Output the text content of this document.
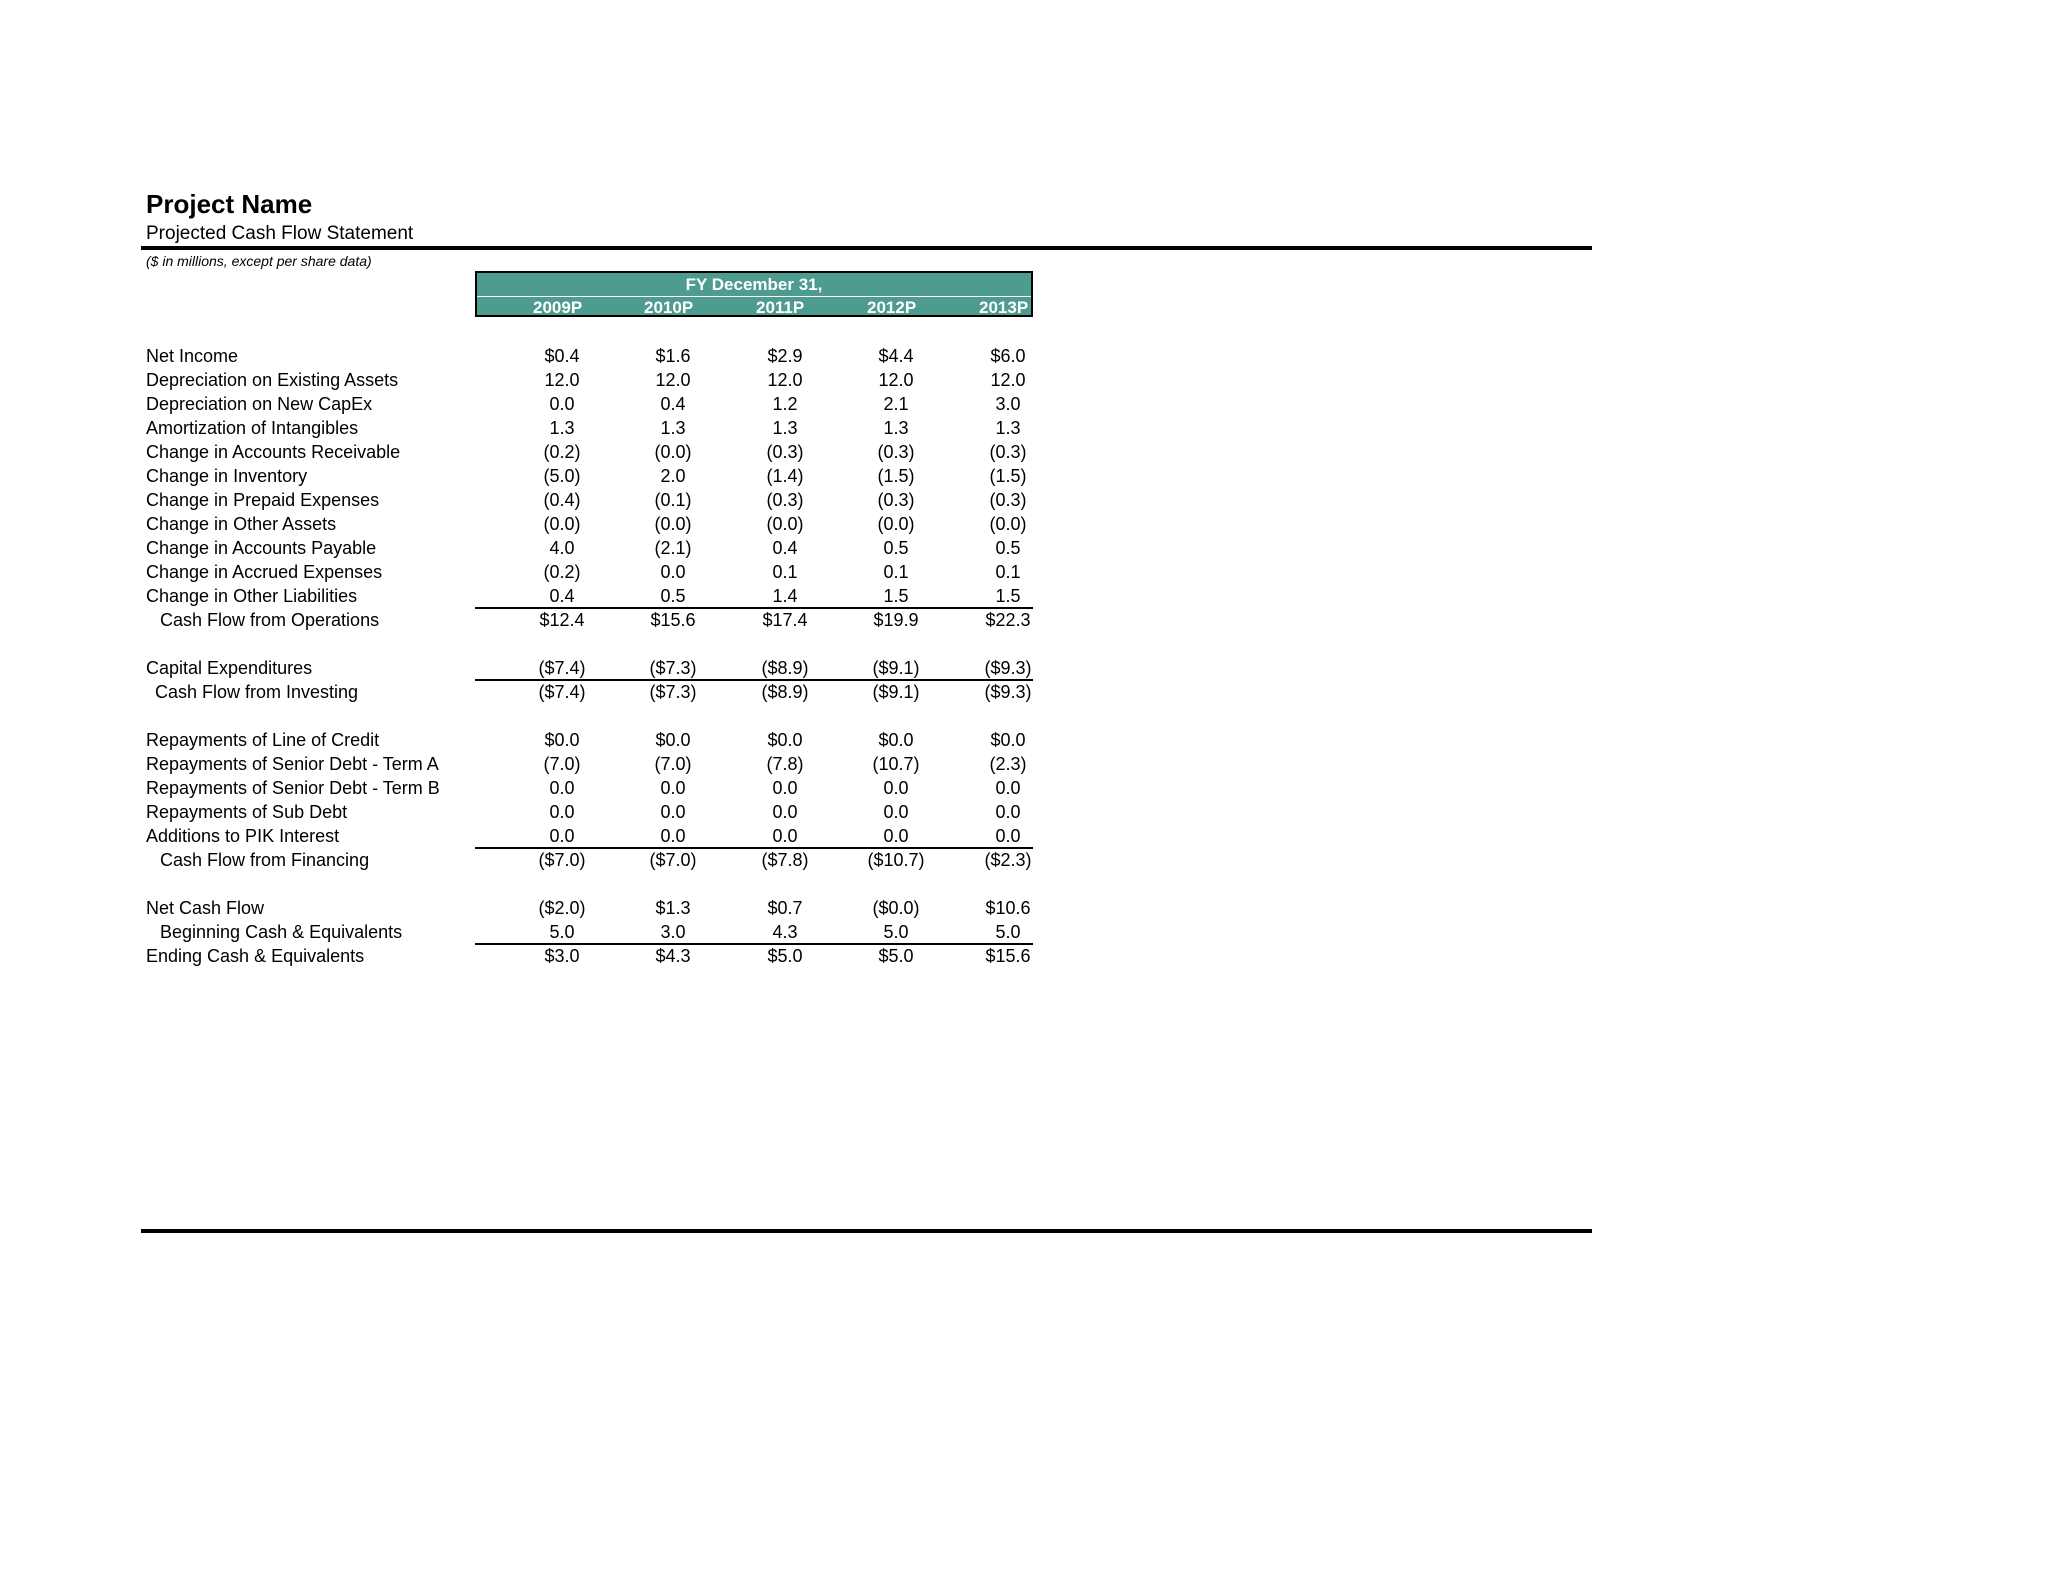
Project Name
Projected Cash Flow Statement
($ in millions, except per share data)
FY December 31,
2009P	2010P	2011P	2012P	2013P
Net Income	$0.4	$1.6	$2.9	$4.4	$6.0
Depreciation on Existing Assets	12.0	12.0	12.0	12.0	12.0
Depreciation on New CapEx	0.0	0.4	1.2	2.1	3.0
Amortization of Intangibles	1.3	1.3	1.3	1.3	1.3
Change in Accounts Receivable	(0.2)	(0.0)	(0.3)	(0.3)	(0.3)
Change in Inventory	(5.0)	2.0	(1.4)	(1.5)	(1.5)
Change in Prepaid Expenses	(0.4)	(0.1)	(0.3)	(0.3)	(0.3)
Change in Other Assets	(0.0)	(0.0)	(0.0)	(0.0)	(0.0)
Change in Accounts Payable	4.0	(2.1)	0.4	0.5	0.5
Change in Accrued Expenses	(0.2)	0.0	0.1	0.1	0.1
Change in Other Liabilities	0.4	0.5	1.4	1.5	1.5
Cash Flow from Operations	$12.4	$15.6	$17.4	$19.9	$22.3
Capital Expenditures	($7.4)	($7.3)	($8.9)	($9.1)	($9.3)
Cash Flow from Investing	($7.4)	($7.3)	($8.9)	($9.1)	($9.3)
Repayments of Line of Credit	$0.0	$0.0	$0.0	$0.0	$0.0
Repayments of Senior Debt - Term A	(7.0)	(7.0)	(7.8)	(10.7)	(2.3)
Repayments of Senior Debt - Term B	0.0	0.0	0.0	0.0	0.0
Repayments of Sub Debt	0.0	0.0	0.0	0.0	0.0
Additions to PIK Interest	0.0	0.0	0.0	0.0	0.0
Cash Flow from Financing	($7.0)	($7.0)	($7.8)	($10.7)	($2.3)
Net Cash Flow	($2.0)	$1.3	$0.7	($0.0)	$10.6
Beginning Cash & Equivalents	5.0	3.0	4.3	5.0	5.0
Ending Cash & Equivalents	$3.0	$4.3	$5.0	$5.0	$15.6
